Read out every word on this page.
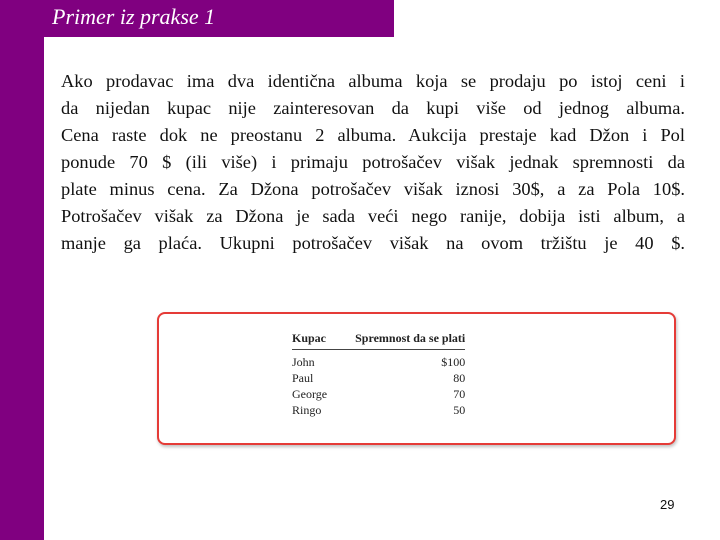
Primer iz prakse 1
Ako prodavac ima dva identična albuma koja se prodaju po istoj ceni i
da nijedan kupac nije zainteresovan da kupi više od jednog albuma.
Cena raste dok ne preostanu 2 albuma. Aukcija prestaje kad Džon i Pol
ponude 70 $ (ili više) i primaju potrošačev višak jednak spremnosti da
plate minus cena. Za Džona potrošačev višak iznosi 30$, a za Pola 10$.
Potrošačev višak za Džona je sada veći nego ranije, dobija isti album, a
manje ga plaća. Ukupni potrošačev višak na ovom tržištu je 40 $.
Kupac	Spremnost da se plati
John	$100
Paul	80
George	70
Ringo	50
29
